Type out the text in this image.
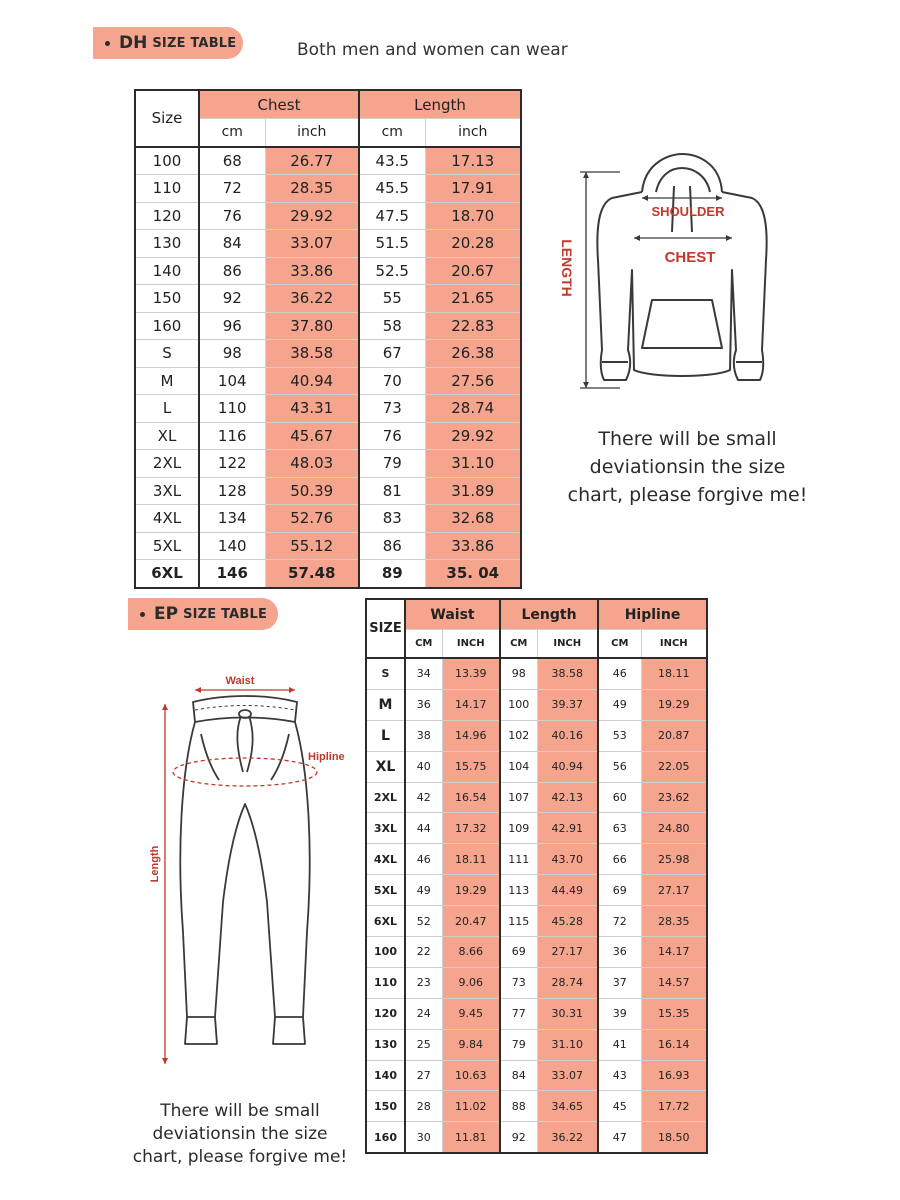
DH SIZE TABLE	Both men and women can wear
Size	Chest		Length	
	cm	inch	cm	inch
100	68	26.77	43.5	17.13
110	72	28.35	45.5	17.91
120	76	29.92	47.5	18.70
130	84	33.07	51.5	20.28
140	86	33.86	52.5	20.67
150	92	36.22	55	21.65
160	96	37.80	58	22.83
S	98	38.58	67	26.38
M	104	40.94	70	27.56
L	110	43.31	73	28.74
XL	116	45.67	76	29.92
2XL	122	48.03	79	31.10
3XL	128	50.39	81	31.89
4XL	134	52.76	83	32.68
5XL	140	55.12	86	33.86
6XL	146	57.48	89	35. 04
SHOULDER
CHEST
LENGTH
There will be small
deviationsin the size
chart, please forgive me!
EP SIZE TABLE
Waist
Hipline
Length
There will be small
deviationsin the size
chart, please forgive me!
SIZE	Waist		Length		Hipline	
	CM	INCH	CM	INCH	CM	INCH
S	34	13.39	98	38.58	46	18.11
M	36	14.17	100	39.37	49	19.29
L	38	14.96	102	40.16	53	20.87
XL	40	15.75	104	40.94	56	22.05
2XL	42	16.54	107	42.13	60	23.62
3XL	44	17.32	109	42.91	63	24.80
4XL	46	18.11	111	43.70	66	25.98
5XL	49	19.29	113	44.49	69	27.17
6XL	52	20.47	115	45.28	72	28.35
100	22	8.66	69	27.17	36	14.17
110	23	9.06	73	28.74	37	14.57
120	24	9.45	77	30.31	39	15.35
130	25	9.84	79	31.10	41	16.14
140	27	10.63	84	33.07	43	16.93
150	28	11.02	88	34.65	45	17.72
160	30	11.81	92	36.22	47	18.50
